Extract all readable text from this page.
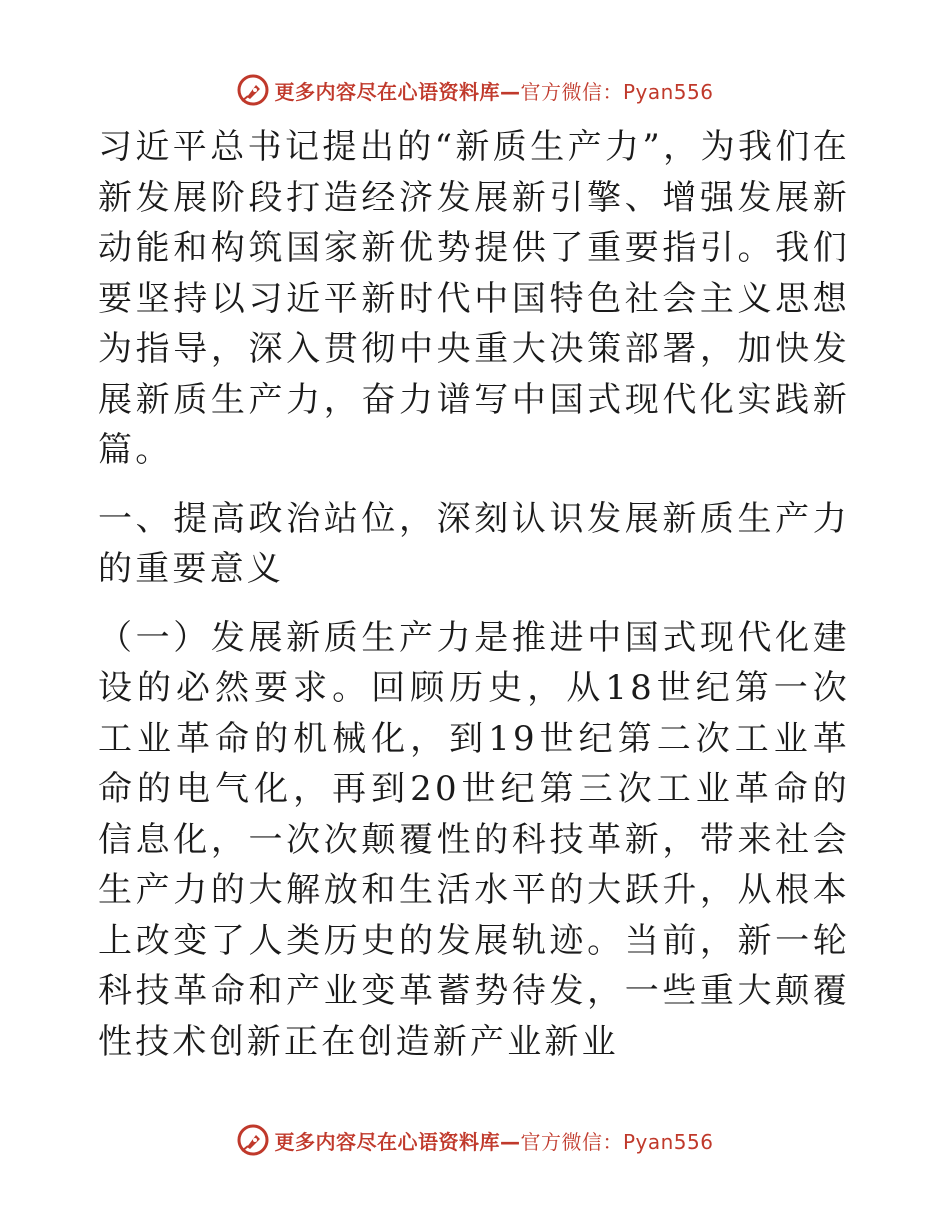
更多内容尽在心语资料库— 官方微信：Pyan556

习近平总书记提出的“新质生产力”，为我们在新发展阶段打造经济发展新引擎、增强发展新动能和构筑国家新优势提供了重要指引。我们要坚持以习近平新时代中国特色社会主义思想为指导，深入贯彻中央重大决策部署，加快发展新质生产力，奋力谱写中国式现代化实践新篇。

一、提高政治站位，深刻认识发展新质生产力的重要意义

（一）发展新质生产力是推进中国式现代化建设的必然要求。回顾历史，从18世纪第一次工业革命的机械化，到19世纪第二次工业革命的电气化，再到20世纪第三次工业革命的信息化，一次次颠覆性的科技革新，带来社会生产力的大解放和生活水平的大跃升，从根本上改变了人类历史的发展轨迹。当前，新一轮科技革命和产业变革蓄势待发，一些重大颠覆性技术创新正在创造新产业新业

更多内容尽在心语资料库— 官方微信：Pyan556
